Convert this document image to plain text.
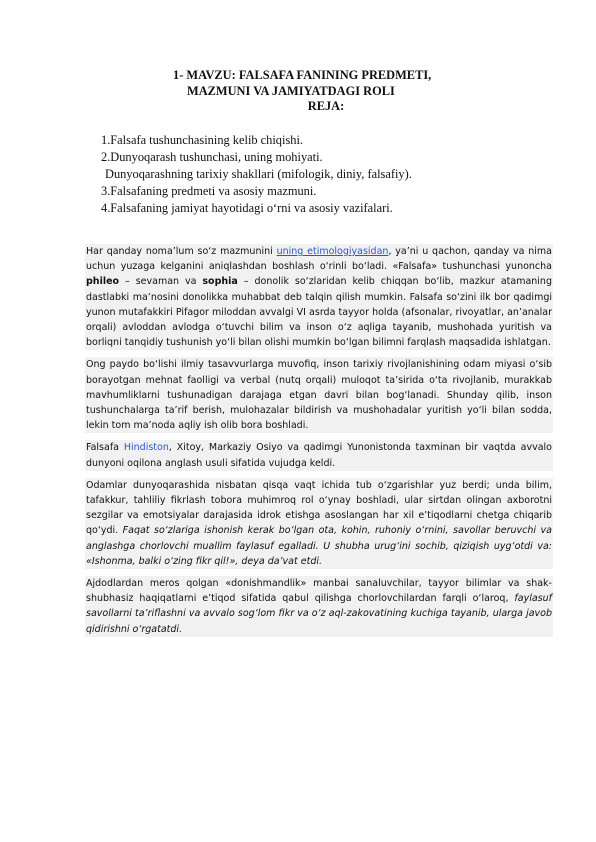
1- MAVZU: FALSAFA FANINING PREDMETI,
MAZMUNI VA JAMIYATDAGI ROLI
REJA:
1.Falsafa tushunchasining kelib chiqishi.
2.Dunyoqarash tushunchasi, uning mohiyati.
Dunyoqarashning tarixiy shakllari (mifologik, diniy, falsafiy).
3.Falsafaning predmeti va asosiy mazmuni.
4.Falsafaning jamiyat hayotidagi o‘rni va asosiy vazifalari.

Har qanday noma’lum so‘z mazmunini uning etimologiyasidan, ya’ni u qachon, qanday va nima uchun yuzaga kelganini aniqlashdan boshlash o‘rinli bo‘ladi. «Falsafa» tushunchasi yunoncha phileo – sevaman va sophia – donolik so‘zlaridan kelib chiqqan bo‘lib, mazkur atamaning dastlabki ma’nosini donolikka muhabbat deb talqin qilish mumkin. Falsafa so‘zini ilk bor qadimgi yunon mutafakkiri Pifagor miloddan avvalgi VI asrda tayyor holda (afsonalar, rivoyatlar, an’analar orqali) avloddan avlodga o‘tuvchi bilim va inson o‘z aqliga tayanib, mushohada yuritish va borliqni tanqidiy tushunish yo‘li bilan olishi mumkin bo‘lgan bilimni farqlash maqsadida ishlatgan.

Ong paydo bo‘lishi ilmiy tasavvurlarga muvofiq, inson tarixiy rivojlanishining odam miyasi o‘sib borayotgan mehnat faolligi va verbal (nutq orqali) muloqot ta’sirida o‘ta rivojlanib, murakkab mavhumliklarni tushunadigan darajaga etgan davri bilan bog‘lanadi. Shunday qilib, inson tushunchalarga ta’rif berish, mulohazalar bildirish va mushohadalar yuritish yo‘li bilan sodda, lekin tom ma’noda aqliy ish olib bora boshladi.

Falsafa Hindiston, Xitoy, Markaziy Osiyo va qadimgi Yunonistonda taxminan bir vaqtda avvalo dunyoni oqilona anglash usuli sifatida vujudga keldi.

Odamlar dunyoqarashida nisbatan qisqa vaqt ichida tub o‘zgarishlar yuz berdi; unda bilim, tafakkur, tahliliy fikrlash tobora muhimroq rol o‘ynay boshladi, ular sirtdan olingan axborotni sezgilar va emotsiyalar darajasida idrok etishga asoslangan har xil e’tiqodlarni chetga chiqarib qo‘ydi. Faqat so‘zlariga ishonish kerak bo‘lgan ota, kohin, ruhoniy o‘rnini, savollar beruvchi va anglashga chorlovchi muallim faylasuf egalladi. U shubha urug‘ini sochib, qiziqish uyg‘otdi va: «Ishonma, balki o‘zing fikr qil!», deya da’vat etdi.

Ajdodlardan meros qolgan «donishmandlik» manbai sanaluvchilar, tayyor bilimlar va shak-shubhasiz haqiqatlarni e’tiqod sifatida qabul qilishga chorlovchilardan farqli o‘laroq, faylasuf savollarni ta’riflashni va avvalo sog‘lom fikr va o‘z aql-zakovatining kuchiga tayanib, ularga javob qidirishni o‘rgatatdi.
